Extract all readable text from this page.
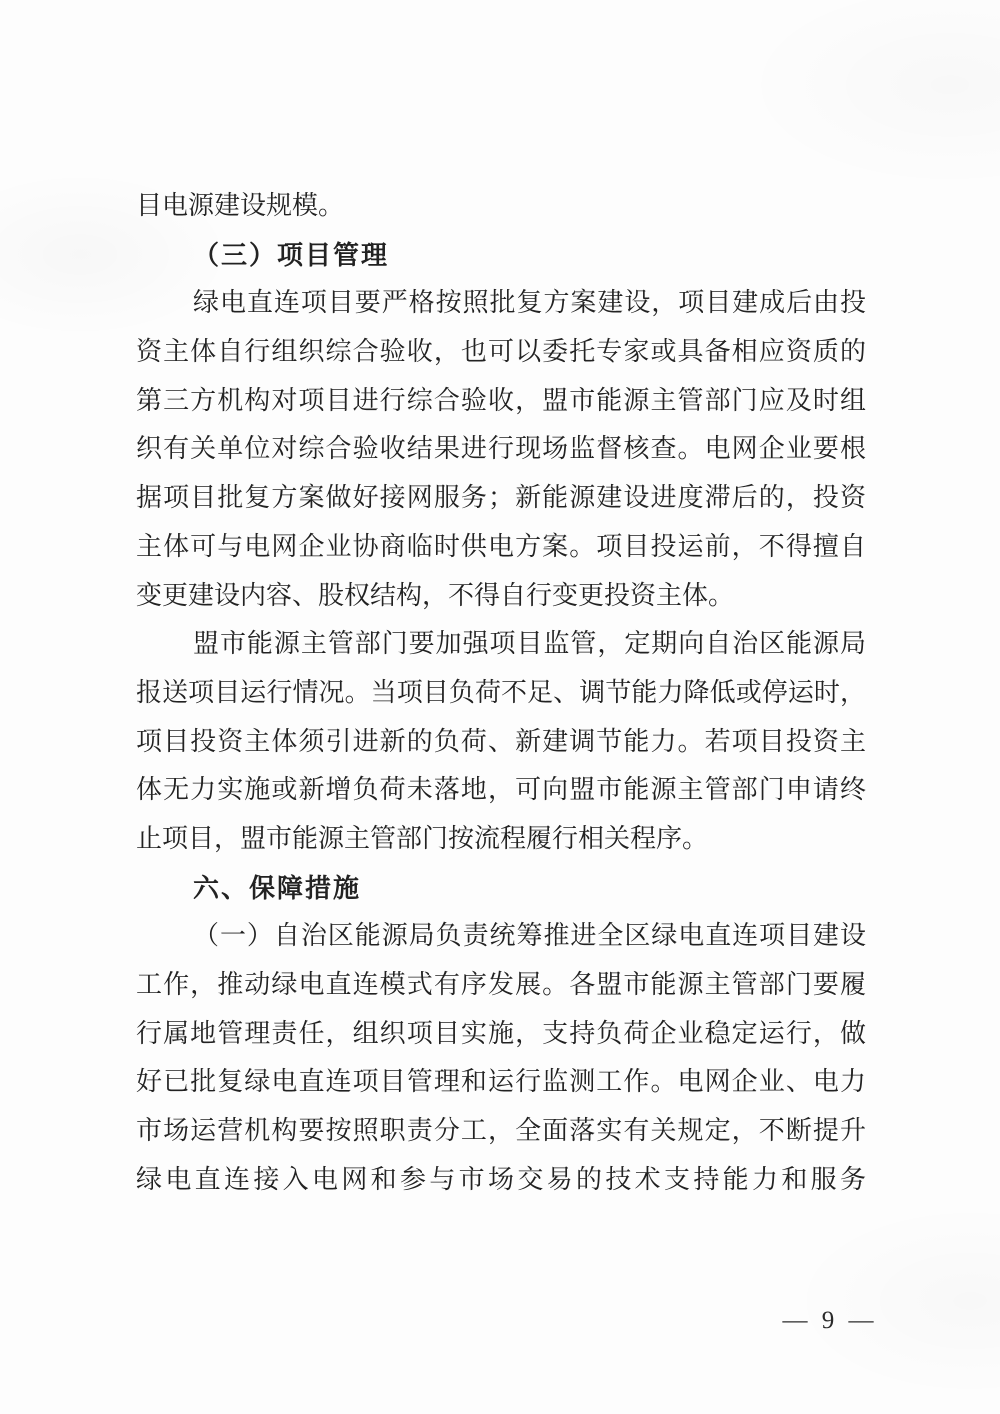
目电源建设规模。
（三）项目管理
绿电直连项目要严格按照批复方案建设，项目建成后由投
资主体自行组织综合验收，也可以委托专家或具备相应资质的
第三方机构对项目进行综合验收，盟市能源主管部门应及时组
织有关单位对综合验收结果进行现场监督核查。电网企业要根
据项目批复方案做好接网服务；新能源建设进度滞后的，投资
主体可与电网企业协商临时供电方案。项目投运前，不得擅自
变更建设内容、股权结构，不得自行变更投资主体。
盟市能源主管部门要加强项目监管，定期向自治区能源局
报送项目运行情况。当项目负荷不足、调节能力降低或停运时，
项目投资主体须引进新的负荷、新建调节能力。若项目投资主
体无力实施或新增负荷未落地，可向盟市能源主管部门申请终
止项目，盟市能源主管部门按流程履行相关程序。
六、保障措施
（一）自治区能源局负责统筹推进全区绿电直连项目建设
工作，推动绿电直连模式有序发展。各盟市能源主管部门要履
行属地管理责任，组织项目实施，支持负荷企业稳定运行，做
好已批复绿电直连项目管理和运行监测工作。电网企业、电力
市场运营机构要按照职责分工，全面落实有关规定，不断提升
绿电直连接入电网和参与市场交易的技术支持能力和服务
— 9 —
